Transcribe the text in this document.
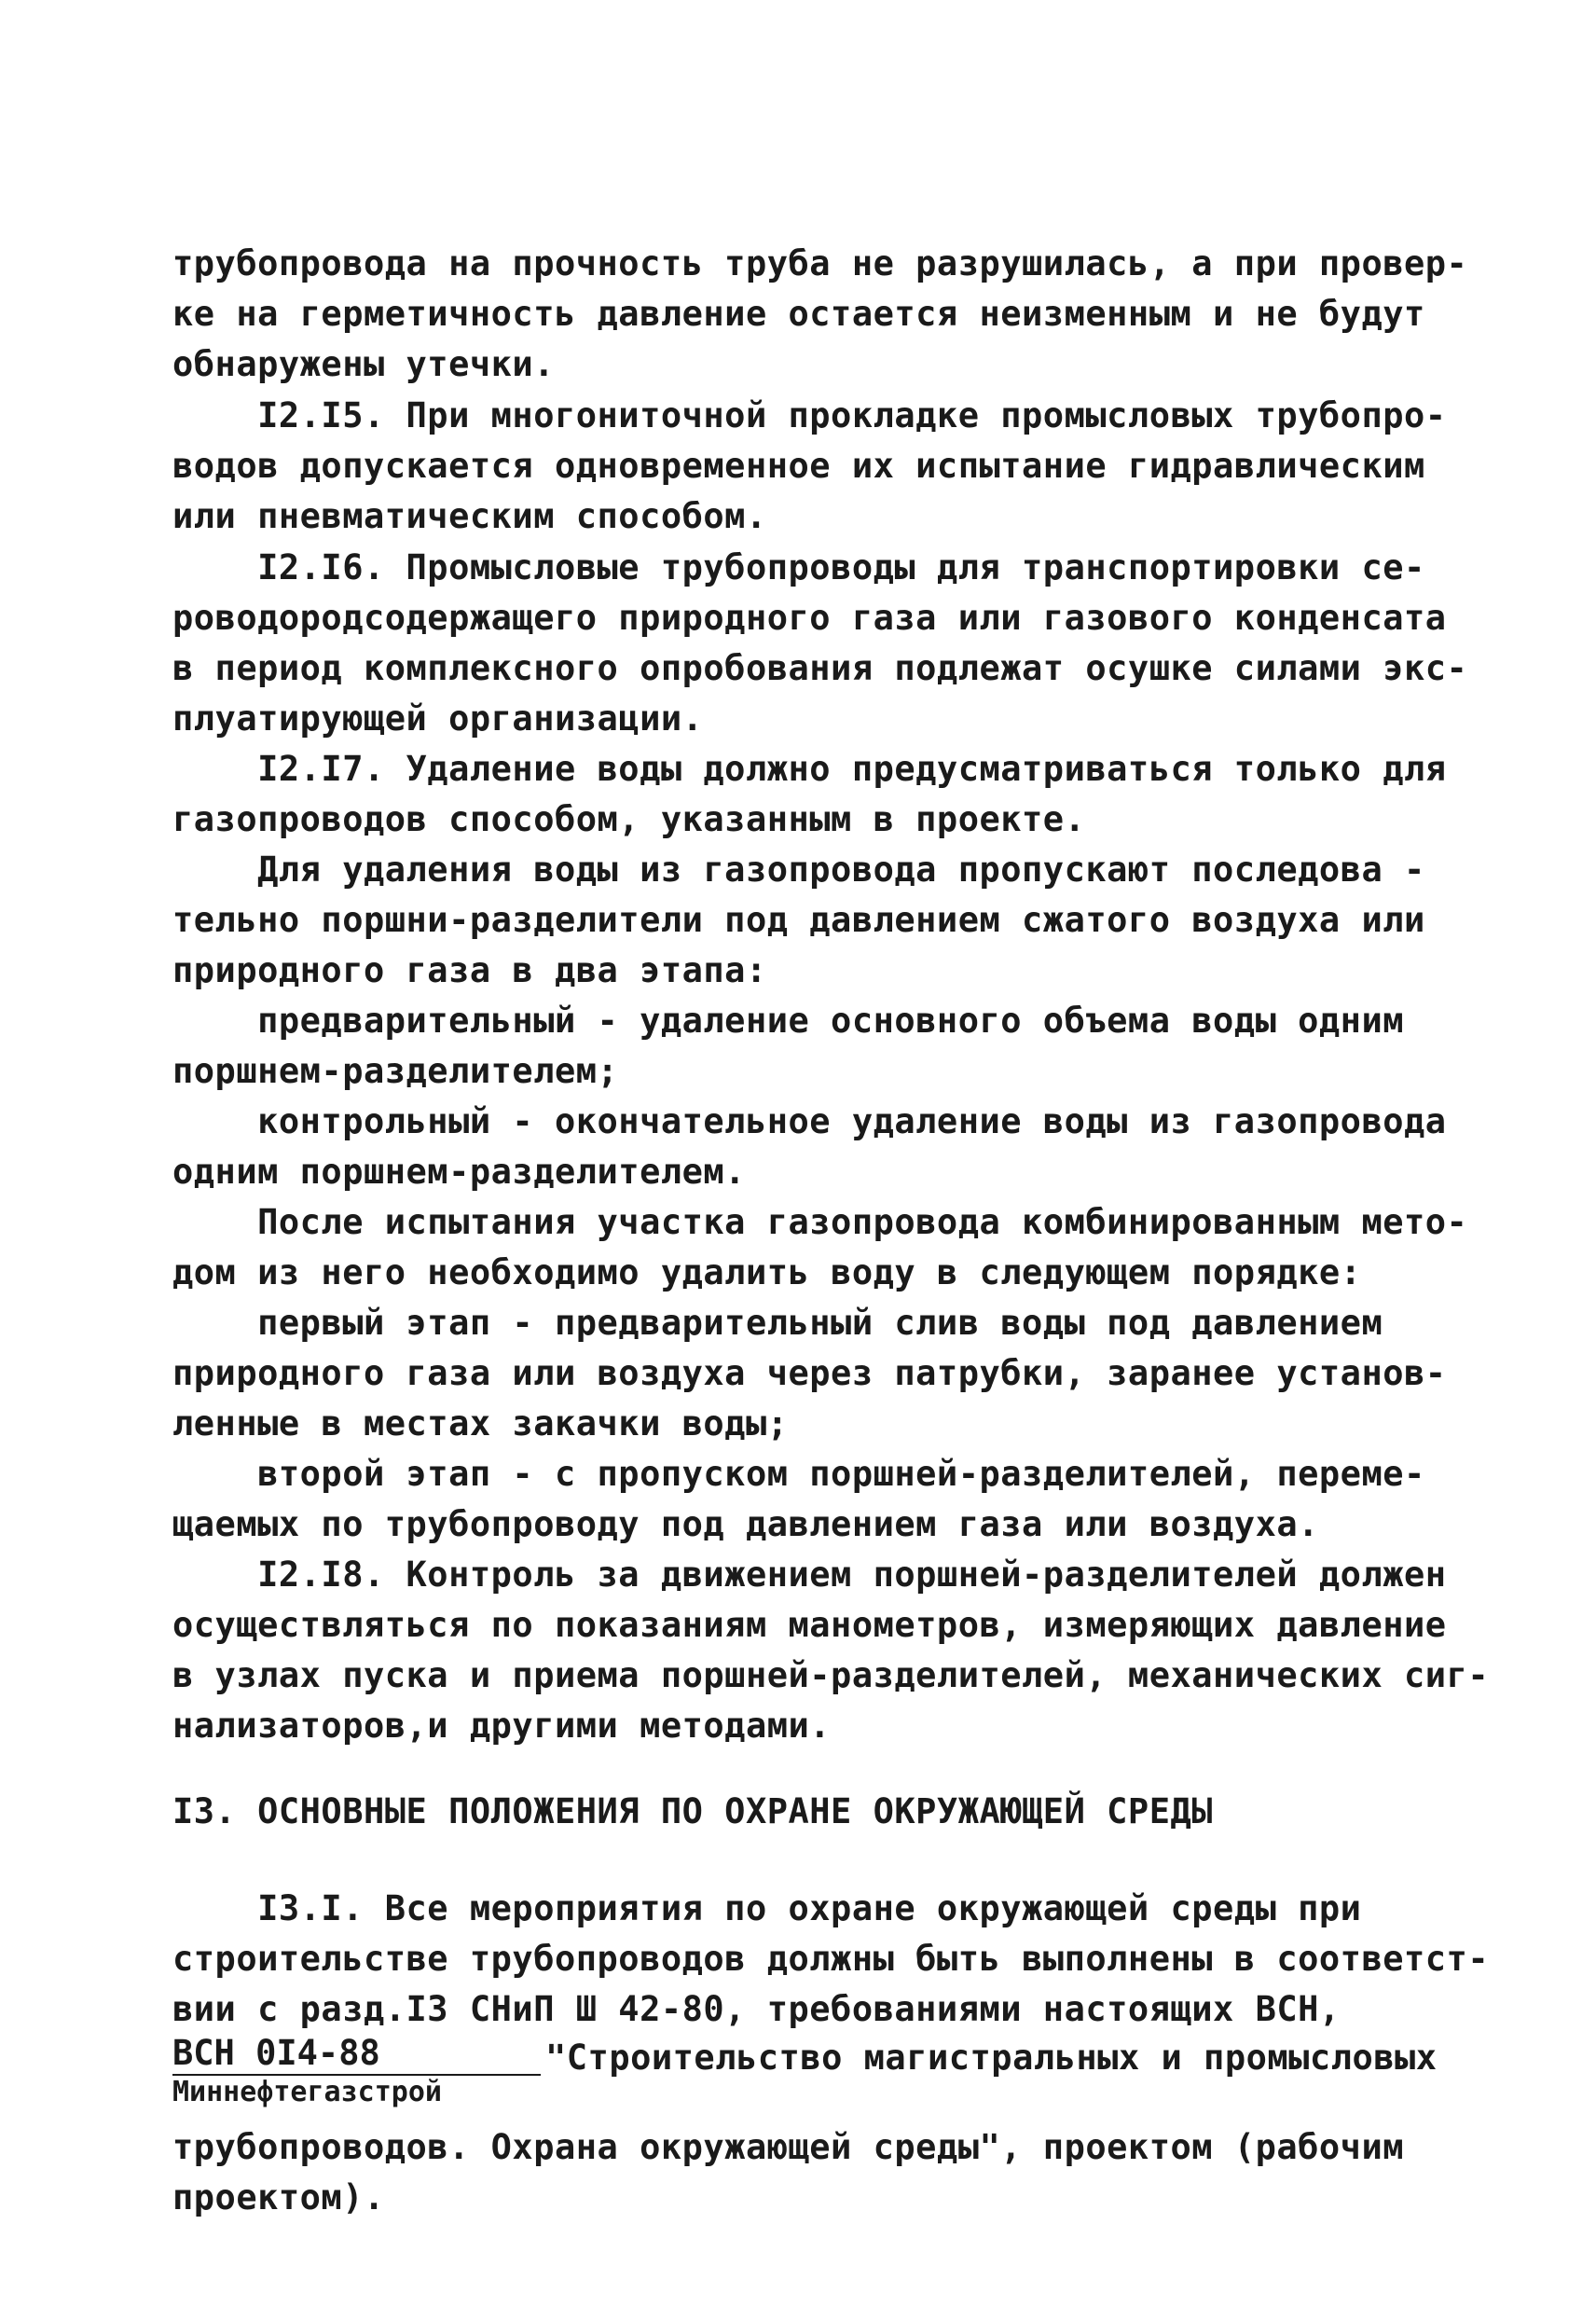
трубопровода на прочность труба не разрушилась, а при провер-
ке на герметичность давление остается неизменным и не будут
обнаружены утечки.
I2.I5. При многониточной прокладке промысловых трубопро-
водов допускается одновременное их испытание гидравлическим
или пневматическим способом.
I2.I6. Промысловые трубопроводы для транспортировки се-
роводородсодержащего природного газа или газового конденсата
в период комплексного опробования подлежат осушке силами экс-
плуатирующей организации.
I2.I7. Удаление воды должно предусматриваться только для
газопроводов способом, указанным в проекте.
Для удаления воды из газопровода пропускают последова -
тельно поршни-разделители под давлением сжатого воздуха или
природного газа в два этапа:
предварительный - удаление основного объема воды одним
поршнем-разделителем;
контрольный - окончательное удаление воды из газопровода
одним поршнем-разделителем.
После испытания участка газопровода комбинированным мето-
дом из него необходимо удалить воду в следующем порядке:
первый этап - предварительный слив воды под давлением
природного газа или воздуха через патрубки, заранее установ-
ленные в местах закачки воды;
второй этап - с пропуском поршней-разделителей, переме-
щаемых по трубопроводу под давлением газа или воздуха.
I2.I8. Контроль за движением поршней-разделителей должен
осуществляться по показаниям манометров, измеряющих давление
в узлах пуска и приема поршней-разделителей, механических сиг-
нализаторов,и другими методами.
I3. ОСНОВНЫЕ ПОЛОЖЕНИЯ ПО ОХРАНЕ ОКРУЖАЮЩЕЙ СРЕДЫ
I3.I. Все мероприятия по охране окружающей среды при
строительстве трубопроводов должны быть выполнены в соответст-
вии с разд.I3 СНиП Ш 42-80, требованиями настоящих ВСН,
ВСН 0I4-88
Миннефтегазстрой
"Строительство магистральных и промысловых
трубопроводов. Охрана окружающей среды", проектом (рабочим
проектом).
